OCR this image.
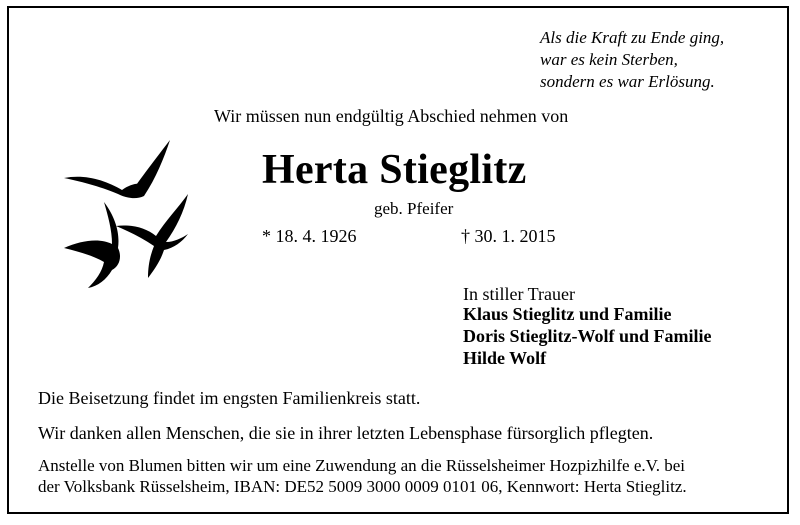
Als die Kraft zu Ende ging,
war es kein Sterben,
sondern es war Erlösung.
Wir müssen nun endgültig Abschied nehmen von
Herta Stieglitz
geb. Pfeifer
* 18. 4. 1926	† 30. 1. 2015
In stiller Trauer
Klaus Stieglitz und Familie
Doris Stieglitz-Wolf und Familie
Hilde Wolf
Die Beisetzung findet im engsten Familienkreis statt.
Wir danken allen Menschen, die sie in ihrer letzten Lebensphase fürsorglich pflegten.
Anstelle von Blumen bitten wir um eine Zuwendung an die Rüsselsheimer Hozpizhilfe e.V. bei
der Volksbank Rüsselsheim, IBAN: DE52 5009 3000 0009 0101 06, Kennwort: Herta Stieglitz.
